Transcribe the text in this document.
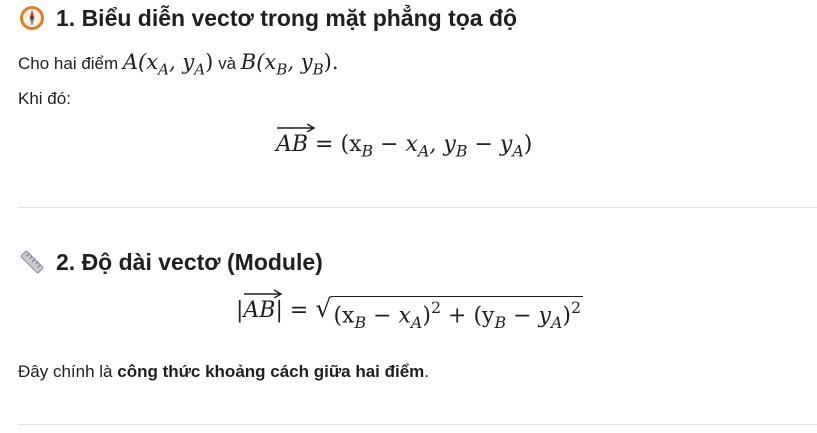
1. Biểu diễn vectơ trong mặt phẳng tọa độ
Cho hai điểm $A(x_A$, $y_A$) và $B(x_B$, $y_B$).
Khi đó:
AB = ($x_B - x_A$, $y_B - y_A$)
2. Độ dài vectơ (Module)
|
AB| = √ $(x_B - x_A)^2 + (y_B - y_A)^2$
Đây chính là công thức khoảng cách giữa hai điểm.
